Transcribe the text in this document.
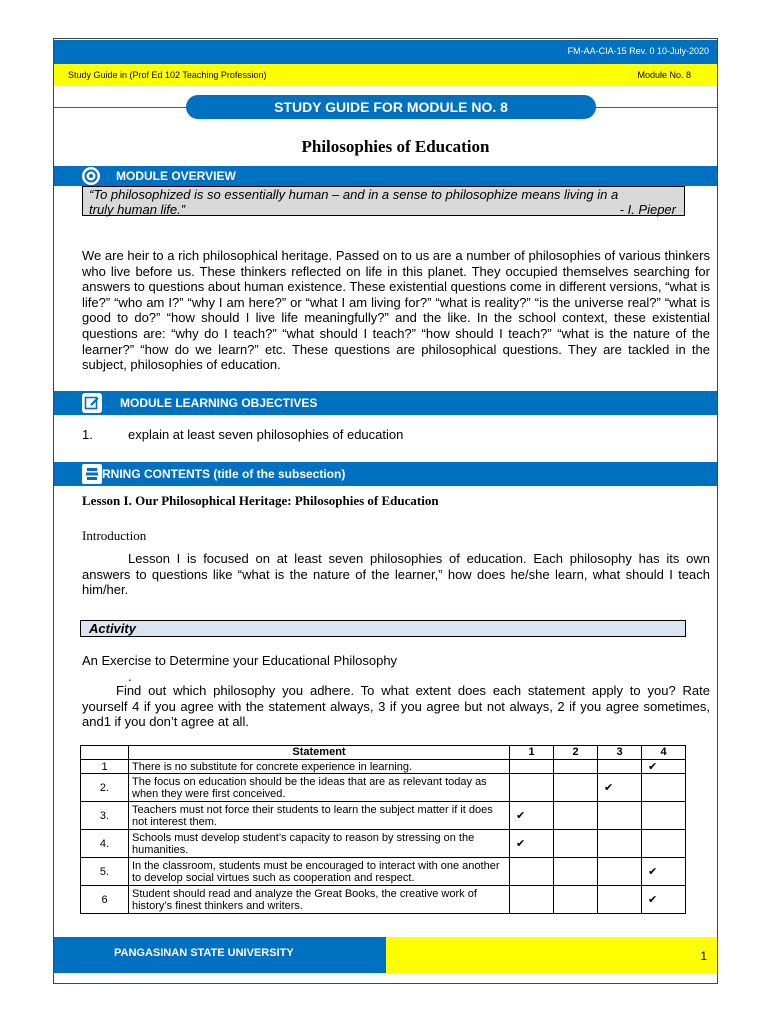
FM-AA-CIA-15 Rev. 0 10-July-2020
Study Guide in (Prof Ed 102 Teaching Profession)	Module No. 8
STUDY GUIDE FOR MODULE NO. 8
Philosophies of Education
MODULE OVERVIEW
“To philosophized is so essentially human – and in a sense to philosophize means living in a
truly human life.”	- I. Pieper
We are heir to a rich philosophical heritage. Passed on to us are a number of philosophies of various thinkers who live before us. These thinkers reflected on life in this planet. They occupied themselves searching for answers to questions about human existence. These existential questions come in different versions, “what is life?” “who am I?” “why I am here?” or “what I am living for?” “what is reality?” “is the universe real?” “what is good to do?” “how should I live life meaningfully?” and the like. In the school context, these existential questions are: “why do I teach?” “what should I teach?” “how should I teach?” “what is the nature of the learner?” “how do we learn?” etc. These questions are philosophical questions. They are tackled in the subject, philosophies of education.
MODULE LEARNING OBJECTIVES
1.	explain at least seven philosophies of education
RNING CONTENTS (title of the subsection)
Lesson I. Our Philosophical Heritage: Philosophies of Education
Introduction
Lesson I is focused on at least seven philosophies of education. Each philosophy has its own answers to questions like “what is the nature of the learner,” how does he/she learn, what should I teach him/her.
Activity
An Exercise to Determine your Educational Philosophy
.
Find out which philosophy you adhere. To what extent does each statement apply to you? Rate yourself 4 if you agree with the statement always, 3 if you agree but not always, 2 if you agree sometimes, and1 if you don’t agree at all.
	Statement	1	2	3	4
1	There is no substitute for concrete experience in learning.				✔
2.	The focus on education should be the ideas that are as relevant today as when they were first conceived.			✔	
3.	Teachers must not force their students to learn the subject matter if it does not interest them.	✔			
4.	Schools must develop student’s capacity to reason by stressing on the humanities.	✔			
5.	In the classroom, students must be encouraged to interact with one another to develop social virtues such as cooperation and respect.				✔
6	Student should read and analyze the Great Books, the creative work of history’s finest thinkers and writers.				✔
PANGASINAN STATE UNIVERSITY	1
